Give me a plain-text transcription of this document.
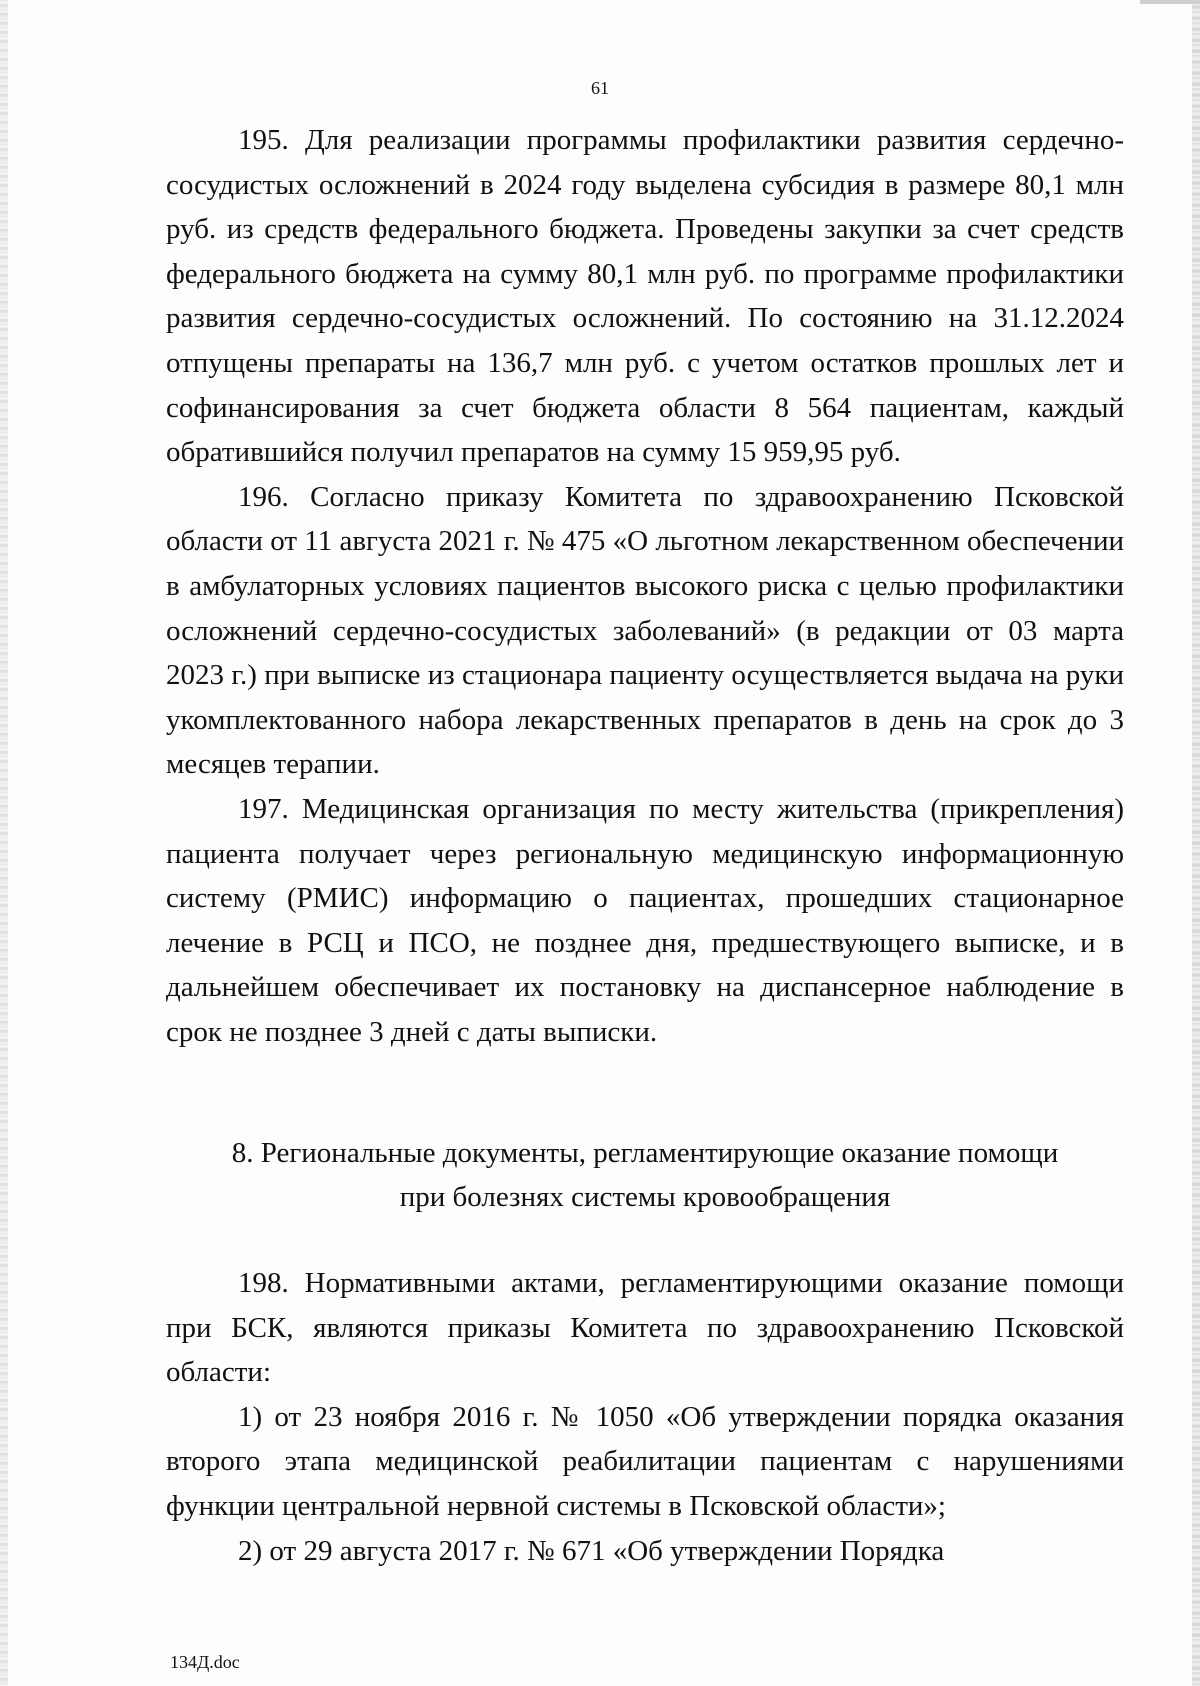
61

195. Для реализации программы профилактики развития сердечно-сосудистых осложнений в 2024 году выделена субсидия в размере 80,1 млн руб. из средств федерального бюджета. Проведены закупки за счет средств федерального бюджета на сумму 80,1 млн руб. по программе профилактики развития сердечно-сосудистых осложнений. По состоянию на 31.12.2024 отпущены препараты на 136,7 млн руб. с учетом остатков прошлых лет и софинансирования за счет бюджета области 8 564 пациентам, каждый обратившийся получил препаратов на сумму 15 959,95 руб.

196. Согласно приказу Комитета по здравоохранению Псковской области от 11 августа 2021 г. № 475 «О льготном лекарственном обеспечении в амбулаторных условиях пациентов высокого риска с целью профилактики осложнений сердечно-сосудистых заболеваний» (в редакции от 03 марта 2023 г.) при выписке из стационара пациенту осуществляется выдача на руки укомплектованного набора лекарственных препаратов в день на срок до 3 месяцев терапии.

197. Медицинская организация по месту жительства (прикрепления) пациента получает через региональную медицинскую информационную систему (РМИС) информацию о пациентах, прошедших стационарное лечение в РСЦ и ПСО, не позднее дня, предшествующего выписке, и в дальнейшем обеспечивает их постановку на диспансерное наблюдение в срок не позднее 3 дней с даты выписки.

8. Региональные документы, регламентирующие оказание помощи
при болезнях системы кровообращения

198. Нормативными актами, регламентирующими оказание помощи при БСК, являются приказы Комитета по здравоохранению Псковской области:

1) от 23 ноября 2016 г. № 1050 «Об утверждении порядка оказания второго этапа медицинской реабилитации пациентам с нарушениями функции центральной нервной системы в Псковской области»;

2) от 29 августа 2017 г. № 671 «Об утверждении Порядка

134Д.doc
